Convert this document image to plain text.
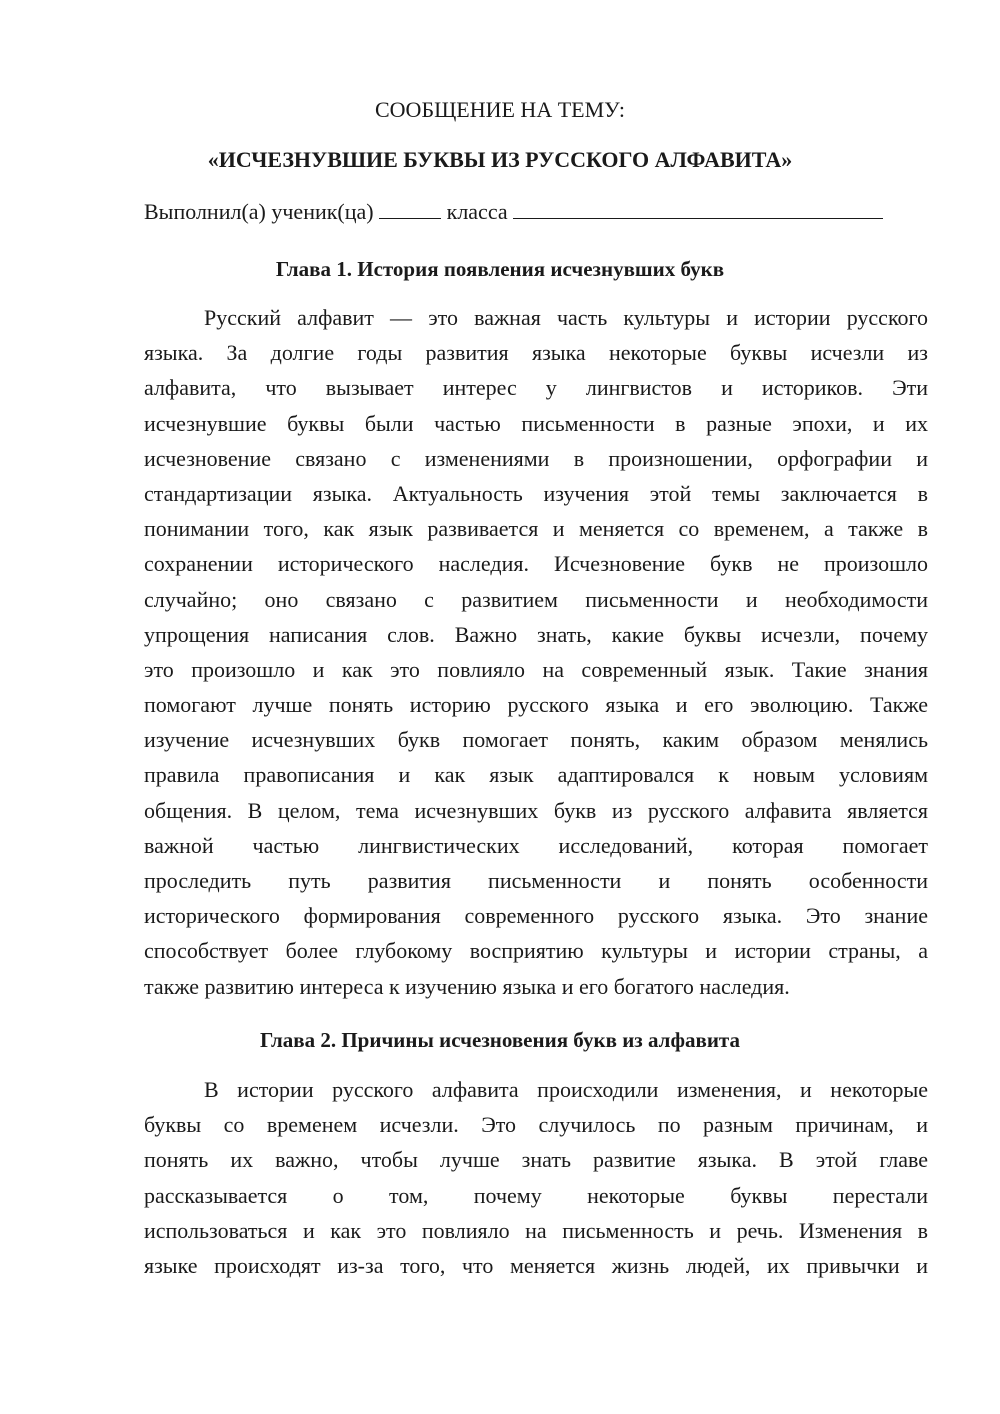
СООБЩЕНИЕ НА ТЕМУ:
«ИСЧЕЗНУВШИЕ БУКВЫ ИЗ РУССКОГО АЛФАВИТА»
Выполнил(а) ученик(ца)	класса
Глава 1. История появления исчезнувших букв
Русский алфавит — это важная часть культуры и истории русского
языка. За долгие годы развития языка некоторые буквы исчезли из
алфавита, что вызывает интерес у лингвистов и историков. Эти
исчезнувшие буквы были частью письменности в разные эпохи, и их
исчезновение связано с изменениями в произношении, орфографии и
стандартизации языка. Актуальность изучения этой темы заключается в
понимании того, как язык развивается и меняется со временем, а также в
сохранении исторического наследия. Исчезновение букв не произошло
случайно; оно связано с развитием письменности и необходимости
упрощения написания слов. Важно знать, какие буквы исчезли, почему
это произошло и как это повлияло на современный язык. Такие знания
помогают лучше понять историю русского языка и его эволюцию. Также
изучение исчезнувших букв помогает понять, каким образом менялись
правила правописания и как язык адаптировался к новым условиям
общения. В целом, тема исчезнувших букв из русского алфавита является
важной частью лингвистических исследований, которая помогает
проследить путь развития письменности и понять особенности
исторического формирования современного русского языка. Это знание
способствует более глубокому восприятию культуры и истории страны, а
также развитию интереса к изучению языка и его богатого наследия.
Глава 2. Причины исчезновения букв из алфавита
В истории русского алфавита происходили изменения, и некоторые
буквы со временем исчезли. Это случилось по разным причинам, и
понять их важно, чтобы лучше знать развитие языка. В этой главе
рассказывается о том, почему некоторые буквы перестали
использоваться и как это повлияло на письменность и речь. Изменения в
языке происходят из-за того, что меняется жизнь людей, их привычки и
